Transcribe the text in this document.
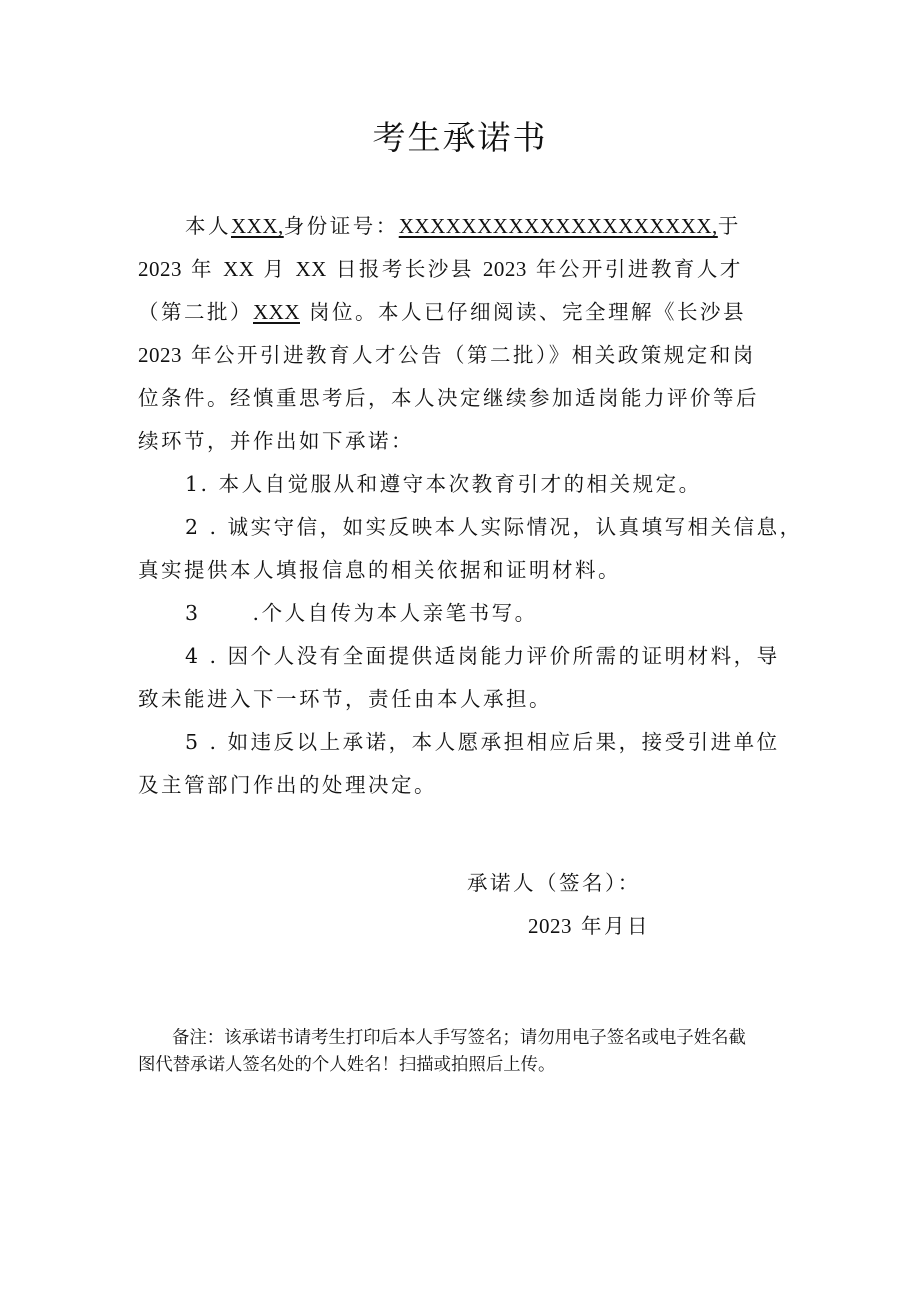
考生承诺书
本人XXX,身份证号：XXXXXXXXXXXXXXXXXXXX,于
2023 年 XX 月 XX 日报考长沙县 2023 年公开引进教育人才
（第二批）XXX 岗位。本人已仔细阅读、完全理解《长沙县
2023 年公开引进教育人才公告（第二批）》相关政策规定和岗
位条件。经慎重思考后，本人决定继续参加适岗能力评价等后
续环节，并作出如下承诺：
1. 本人自觉服从和遵守本次教育引才的相关规定。
2 . 诚实守信，如实反映本人实际情况，认真填写相关信息，
真实提供本人填报信息的相关依据和证明材料。
3	.个人自传为本人亲笔书写。
4 . 因个人没有全面提供适岗能力评价所需的证明材料，导
致未能进入下一环节，责任由本人承担。
5 . 如违反以上承诺，本人愿承担相应后果，接受引进单位
及主管部门作出的处理决定。
承诺人（签名）：
2023 年月日
备注：该承诺书请考生打印后本人手写签名；请勿用电子签名或电子姓名截
图代替承诺人签名处的个人姓名！扫描或拍照后上传。
